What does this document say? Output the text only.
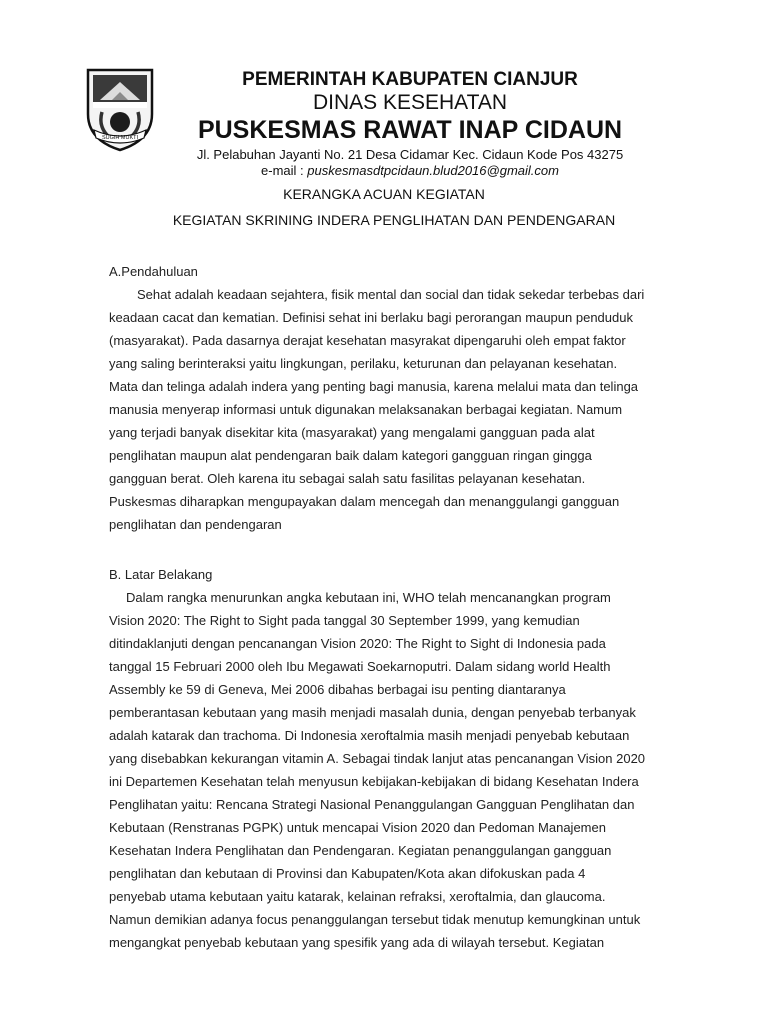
SUGIH MUKTI
PEMERINTAH KABUPATEN CIANJUR
DINAS KESEHATAN
PUSKESMAS RAWAT INAP CIDAUN
Jl. Pelabuhan Jayanti No. 21 Desa Cidamar Kec. Cidaun Kode Pos 43275
e-mail : puskesmasdtpcidaun.blud2016@gmail.com
KERANGKA ACUAN KEGIATAN
KEGIATAN SKRINING INDERA PENGLIHATAN DAN PENDENGARAN
A.Pendahuluan
Sehat adalah keadaan sejahtera, fisik mental dan social dan tidak sekedar terbebas dari
keadaan cacat dan kematian. Definisi sehat ini berlaku bagi perorangan maupun penduduk
(masyarakat). Pada dasarnya derajat kesehatan masyrakat dipengaruhi oleh empat faktor
yang saling berinteraksi yaitu lingkungan, perilaku, keturunan dan pelayanan kesehatan.
Mata dan telinga adalah indera yang penting bagi manusia, karena melalui mata dan telinga
manusia menyerap informasi untuk digunakan melaksanakan berbagai kegiatan. Namum
yang terjadi banyak disekitar kita (masyarakat) yang mengalami gangguan pada alat
penglihatan maupun alat pendengaran baik dalam kategori gangguan ringan gingga
gangguan berat. Oleh karena itu sebagai salah satu fasilitas pelayanan kesehatan.
Puskesmas diharapkan mengupayakan dalam mencegah dan menanggulangi gangguan
penglihatan dan pendengaran
B. Latar Belakang
Dalam rangka menurunkan angka kebutaan ini, WHO telah mencanangkan program
Vision 2020: The Right to Sight pada tanggal 30 September 1999, yang kemudian
ditindaklanjuti dengan pencanangan Vision 2020: The Right to Sight di Indonesia pada
tanggal 15 Februari 2000 oleh Ibu Megawati Soekarnoputri. Dalam sidang world Health
Assembly ke 59 di Geneva, Mei 2006 dibahas berbagai isu penting diantaranya
pemberantasan kebutaan yang masih menjadi masalah dunia, dengan penyebab terbanyak
adalah katarak dan trachoma. Di Indonesia xeroftalmia masih menjadi penyebab kebutaan
yang disebabkan kekurangan vitamin A. Sebagai tindak lanjut atas pencanangan Vision 2020
ini Departemen Kesehatan telah menyusun kebijakan-kebijakan di bidang Kesehatan Indera
Penglihatan yaitu: Rencana Strategi Nasional Penanggulangan Gangguan Penglihatan dan
Kebutaan (Renstranas PGPK) untuk mencapai Vision 2020 dan Pedoman Manajemen
Kesehatan Indera Penglihatan dan Pendengaran. Kegiatan penanggulangan gangguan
penglihatan dan kebutaan di Provinsi dan Kabupaten/Kota akan difokuskan pada 4
penyebab utama kebutaan yaitu katarak, kelainan refraksi, xeroftalmia, dan glaucoma.
Namun demikian adanya focus penanggulangan tersebut tidak menutup kemungkinan untuk
mengangkat penyebab kebutaan yang spesifik yang ada di wilayah tersebut. Kegiatan
